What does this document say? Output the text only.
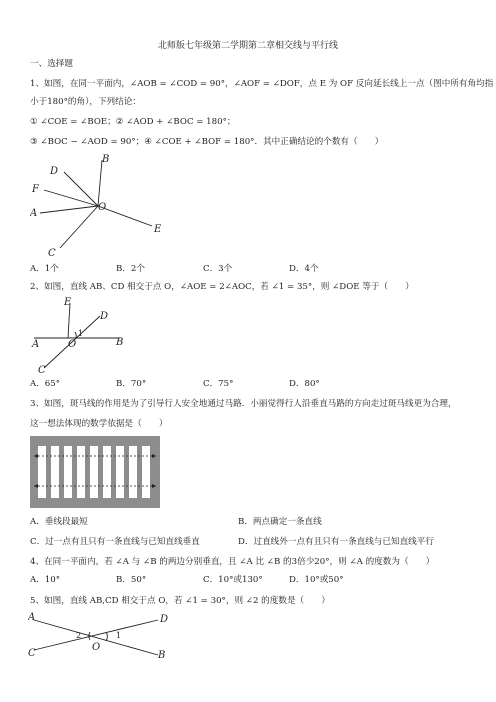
北师版七年级第二学期第二章相交线与平行线
一、选择题
1、如图，在同一平面内，∠AOB = ∠COD = 90°，∠AOF = ∠DOF，点 E 为 OF 反向延长线上一点（图中所有角均指
小于180°的角），下列结论：
① ∠COE = ∠BOE；② ∠AOD + ∠BOC = 180°；
③ ∠BOC − ∠AOD = 90°；④ ∠COE + ∠BOF = 180°．其中正确结论的个数有（　　）
D
B
F
O
A
E
C
A．1个	B．2个	C．3个	D．4个
2、如图，直线 AB、CD 相交于点 O，∠AOE = 2∠AOC，若 ∠1 = 35°，则 ∠DOE 等于（　　）
E
D
1
A	O	B
C
A．65°	B．70°	C．75°	D．80°
3、如图，斑马线的作用是为了引导行人安全地通过马路．小丽觉得行人沿垂直马路的方向走过斑马线更为合理，
这一想法体现的数学依据是（　　）
A．垂线段最短	B．两点确定一条直线
C．过一点有且只有一条直线与已知直线垂直	D．过直线外一点有且只有一条直线与已知直线平行
4、在同一平面内，若 ∠A 与 ∠B 的两边分别垂直，且 ∠A 比 ∠B 的3倍少20°，则 ∠A 的度数为（　　）
A．10°	B．50°	C．10°或130°	D．10°或50°
5、如图，直线 AB,CD 相交于点 O，若 ∠1 = 30°，则 ∠2 的度数是（　　）
A	D
2	1
O
C	B
